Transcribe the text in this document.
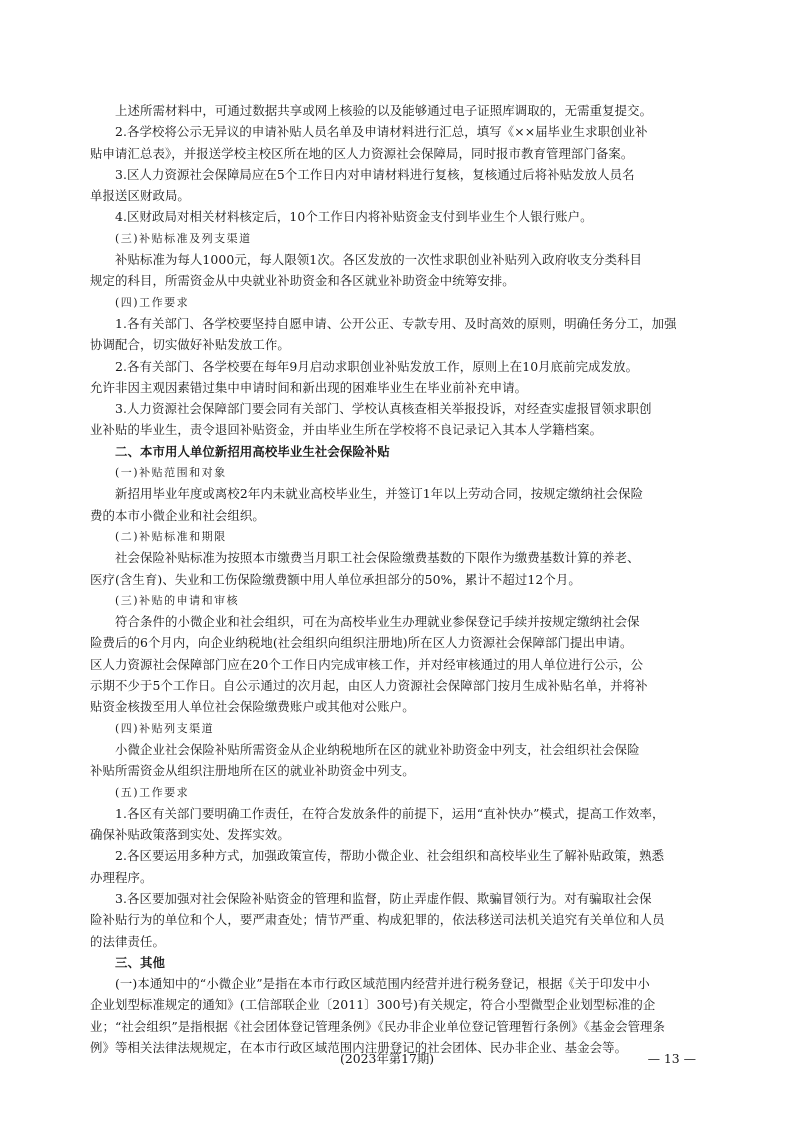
上述所需材料中，可通过数据共享或网上核验的以及能够通过电子证照库调取的，无需重复提交。
2.各学校将公示无异议的申请补贴人员名单及申请材料进行汇总，填写《××届毕业生求职创业补
贴申请汇总表》，并报送学校主校区所在地的区人力资源社会保障局，同时报市教育管理部门备案。
3.区人力资源社会保障局应在5个工作日内对申请材料进行复核，复核通过后将补贴发放人员名
单报送区财政局。
4.区财政局对相关材料核定后，10个工作日内将补贴资金支付到毕业生个人银行账户。
(三)补贴标准及列支渠道
补贴标准为每人1000元，每人限领1次。各区发放的一次性求职创业补贴列入政府收支分类科目
规定的科目，所需资金从中央就业补助资金和各区就业补助资金中统筹安排。
(四)工作要求
1.各有关部门、各学校要坚持自愿申请、公开公正、专款专用、及时高效的原则，明确任务分工，加强
协调配合，切实做好补贴发放工作。
2.各有关部门、各学校要在每年9月启动求职创业补贴发放工作，原则上在10月底前完成发放。
允许非因主观因素错过集中申请时间和新出现的困难毕业生在毕业前补充申请。
3.人力资源社会保障部门要会同有关部门、学校认真核查相关举报投诉，对经查实虚报冒领求职创
业补贴的毕业生，责令退回补贴资金，并由毕业生所在学校将不良记录记入其本人学籍档案。
二、本市用人单位新招用高校毕业生社会保险补贴
(一)补贴范围和对象
新招用毕业年度或离校2年内未就业高校毕业生，并签订1年以上劳动合同，按规定缴纳社会保险
费的本市小微企业和社会组织。
(二)补贴标准和期限
社会保险补贴标准为按照本市缴费当月职工社会保险缴费基数的下限作为缴费基数计算的养老、
医疗(含生育)、失业和工伤保险缴费额中用人单位承担部分的50%，累计不超过12个月。
(三)补贴的申请和审核
符合条件的小微企业和社会组织，可在为高校毕业生办理就业参保登记手续并按规定缴纳社会保
险费后的6个月内，向企业纳税地(社会组织向组织注册地)所在区人力资源社会保障部门提出申请。
区人力资源社会保障部门应在20个工作日内完成审核工作，并对经审核通过的用人单位进行公示，公
示期不少于5个工作日。自公示通过的次月起，由区人力资源社会保障部门按月生成补贴名单，并将补
贴资金核拨至用人单位社会保险缴费账户或其他对公账户。
(四)补贴列支渠道
小微企业社会保险补贴所需资金从企业纳税地所在区的就业补助资金中列支，社会组织社会保险
补贴所需资金从组织注册地所在区的就业补助资金中列支。
(五)工作要求
1.各区有关部门要明确工作责任，在符合发放条件的前提下，运用“直补快办”模式，提高工作效率，
确保补贴政策落到实处、发挥实效。
2.各区要运用多种方式，加强政策宣传，帮助小微企业、社会组织和高校毕业生了解补贴政策，熟悉
办理程序。
3.各区要加强对社会保险补贴资金的管理和监督，防止弄虚作假、欺骗冒领行为。对有骗取社会保
险补贴行为的单位和个人，要严肃查处；情节严重、构成犯罪的，依法移送司法机关追究有关单位和人员
的法律责任。
三、其他
(一)本通知中的“小微企业”是指在本市行政区域范围内经营并进行税务登记，根据《关于印发中小
企业划型标准规定的通知》(工信部联企业〔2011〕300号)有关规定，符合小型微型企业划型标准的企
业；“社会组织”是指根据《社会团体登记管理条例》《民办非企业单位登记管理暂行条例》《基金会管理条
例》等相关法律法规规定，在本市行政区域范围内注册登记的社会团体、民办非企业、基金会等。
(2023年第17期)	— 13 —
